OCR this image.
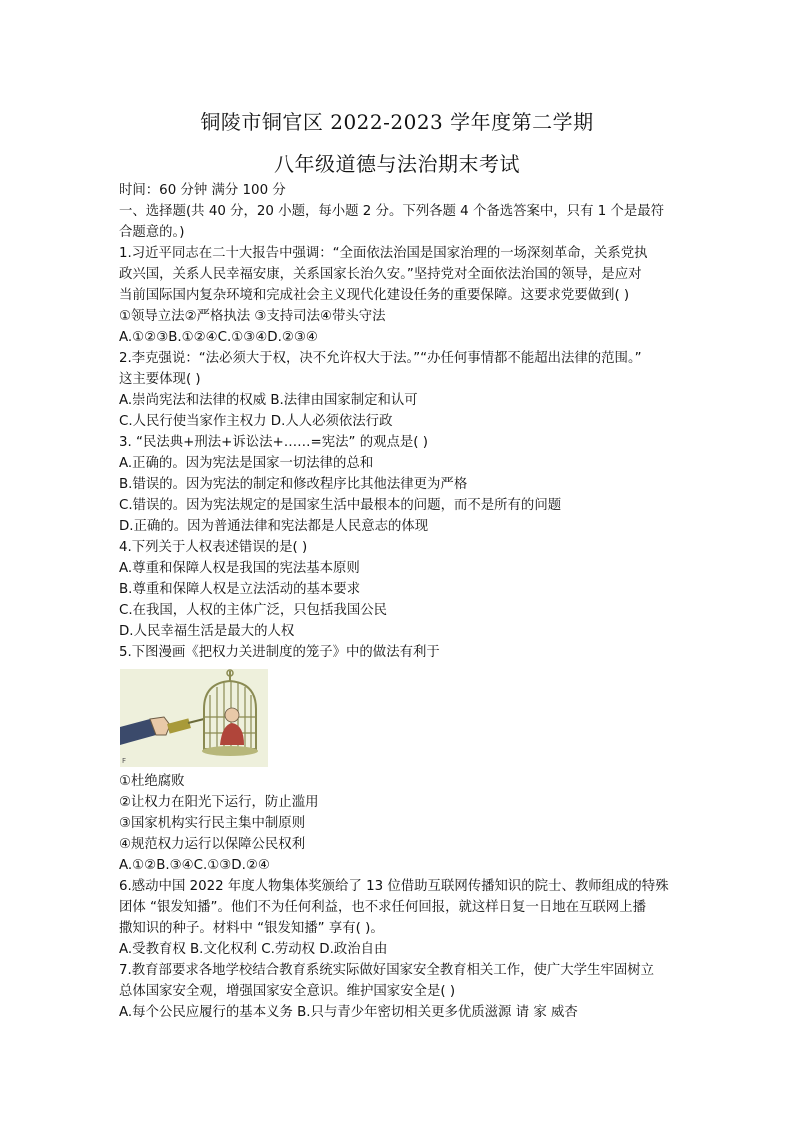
铜陵市铜官区 2022-2023 学年度第二学期
八年级道德与法治期末考试
时间：60 分钟 满分 100 分
一、选择题(共 40 分，20 小题，每小题 2 分。下列各题 4 个备选答案中，只有 1 个是最符
合题意的。)
1.习近平同志在二十大报告中强调：“全面依法治国是国家治理的一场深刻革命，关系党执
政兴国，关系人民幸福安康，关系国家长治久安。”坚持党对全面依法治国的领导，是应对
当前国际国内复杂环境和完成社会主义现代化建设任务的重要保障。这要求党要做到( )
①领导立法②严格执法 ③支持司法④带头守法
A.①②③B.①②④C.①③④D.②③④
2.李克强说：“法必须大于权，决不允许权大于法。”“办任何事情都不能超出法律的范围。”
这主要体现( )
A.崇尚宪法和法律的权威 B.法律由国家制定和认可
C.人民行使当家作主权力 D.人人必须依法行政
3. “民法典+刑法+诉讼法+……=宪法” 的观点是( )
A.正确的。因为宪法是国家一切法律的总和
B.错误的。因为宪法的制定和修改程序比其他法律更为严格
C.错误的。因为宪法规定的是国家生活中最根本的问题，而不是所有的问题
D.正确的。因为普通法律和宪法都是人民意志的体现
4.下列关于人权表述错误的是( )
A.尊重和保障人权是我国的宪法基本原则
B.尊重和保障人权是立法活动的基本要求
C.在我国，人权的主体广泛，只包括我国公民
D.人民幸福生活是最大的人权
5.下图漫画《把权力关进制度的笼子》中的做法有利于
F
①杜绝腐败
②让权力在阳光下运行，防止滥用
③国家机构实行民主集中制原则
④规范权力运行以保障公民权利
A.①②B.③④C.①③D.②④
6.感动中国 2022 年度人物集体奖颁给了 13 位借助互联网传播知识的院士、教师组成的特殊
团体 “银发知播”。他们不为任何利益，也不求任何回报，就这样日复一日地在互联网上播
撒知识的种子。材料中 “银发知播” 享有( )。
A.受教育权 B.文化权利 C.劳动权 D.政治自由
7.教育部要求各地学校结合教育系统实际做好国家安全教育相关工作，使广大学生牢固树立
总体国家安全观，增强国家安全意识。维护国家安全是( )
A.每个公民应履行的基本义务 B.只与青少年密切相关更多优质滋源 请 家 威杏
